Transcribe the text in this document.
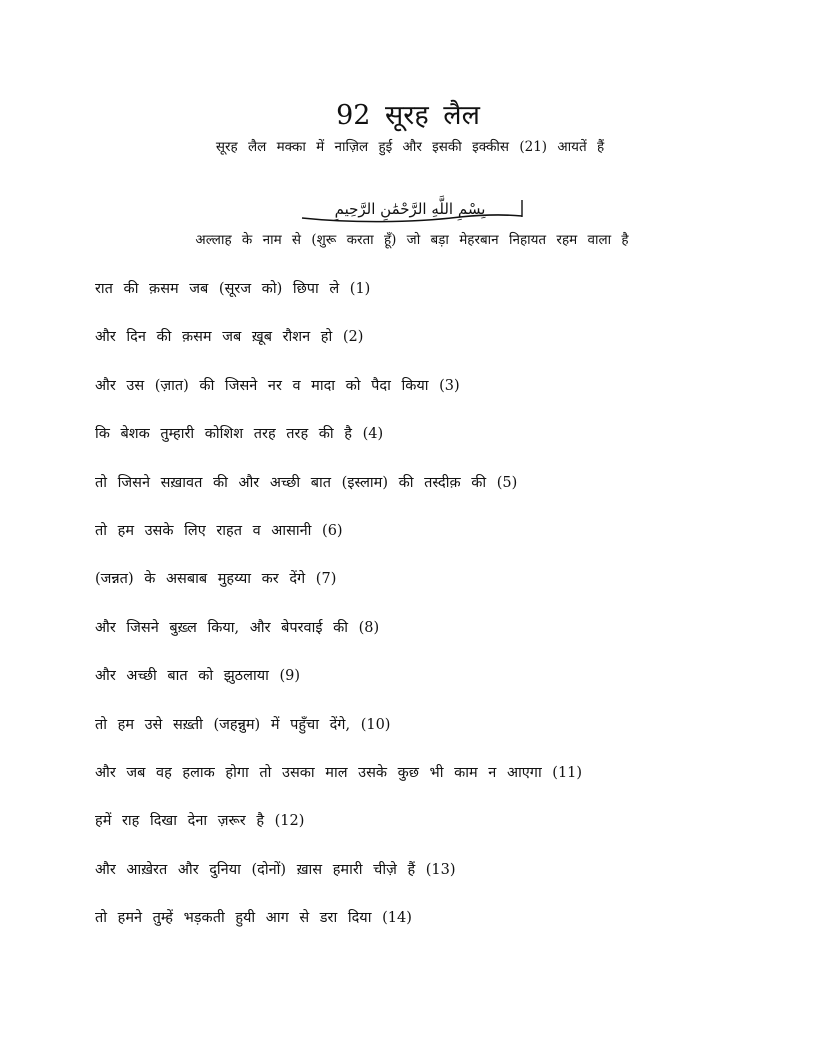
92 सूरह लैल
सूरह लैल मक्का में नाज़िल हुई और इसकी इक्कीस (21) आयतें हैं
بِسْمِ اللَّهِ الرَّحْمَٰنِ الرَّحِيمِ
अल्लाह के नाम से (शुरू करता हूँ) जो बड़ा मेहरबान निहायत रहम वाला है
रात की क़सम जब (सूरज को) छिपा ले (1)
और दिन की क़सम जब ख़ूब रौशन हो (2)
और उस (ज़ात) की जिसने नर व मादा को पैदा किया (3)
कि बेशक तुम्हारी कोशिश तरह तरह की है (4)
तो जिसने सख़ावत की और अच्छी बात (इस्लाम) की तस्दीक़ की (5)
तो हम उसके लिए राहत व आसानी (6)
(जन्नत) के असबाब मुहय्या कर देंगे (7)
और जिसने बुख़्ल किया, और बेपरवाई की (8)
और अच्छी बात को झुठलाया (9)
तो हम उसे सख़्ती (जहन्नुम) में पहुँचा देंगे, (10)
और जब वह हलाक होगा तो उसका माल उसके कुछ भी काम न आएगा (11)
हमें राह दिखा देना ज़रूर है (12)
और आख़ेरत और दुनिया (दोनों) ख़ास हमारी चीज़े हैं (13)
तो हमने तुम्हें भड़कती हुयी आग से डरा दिया (14)
